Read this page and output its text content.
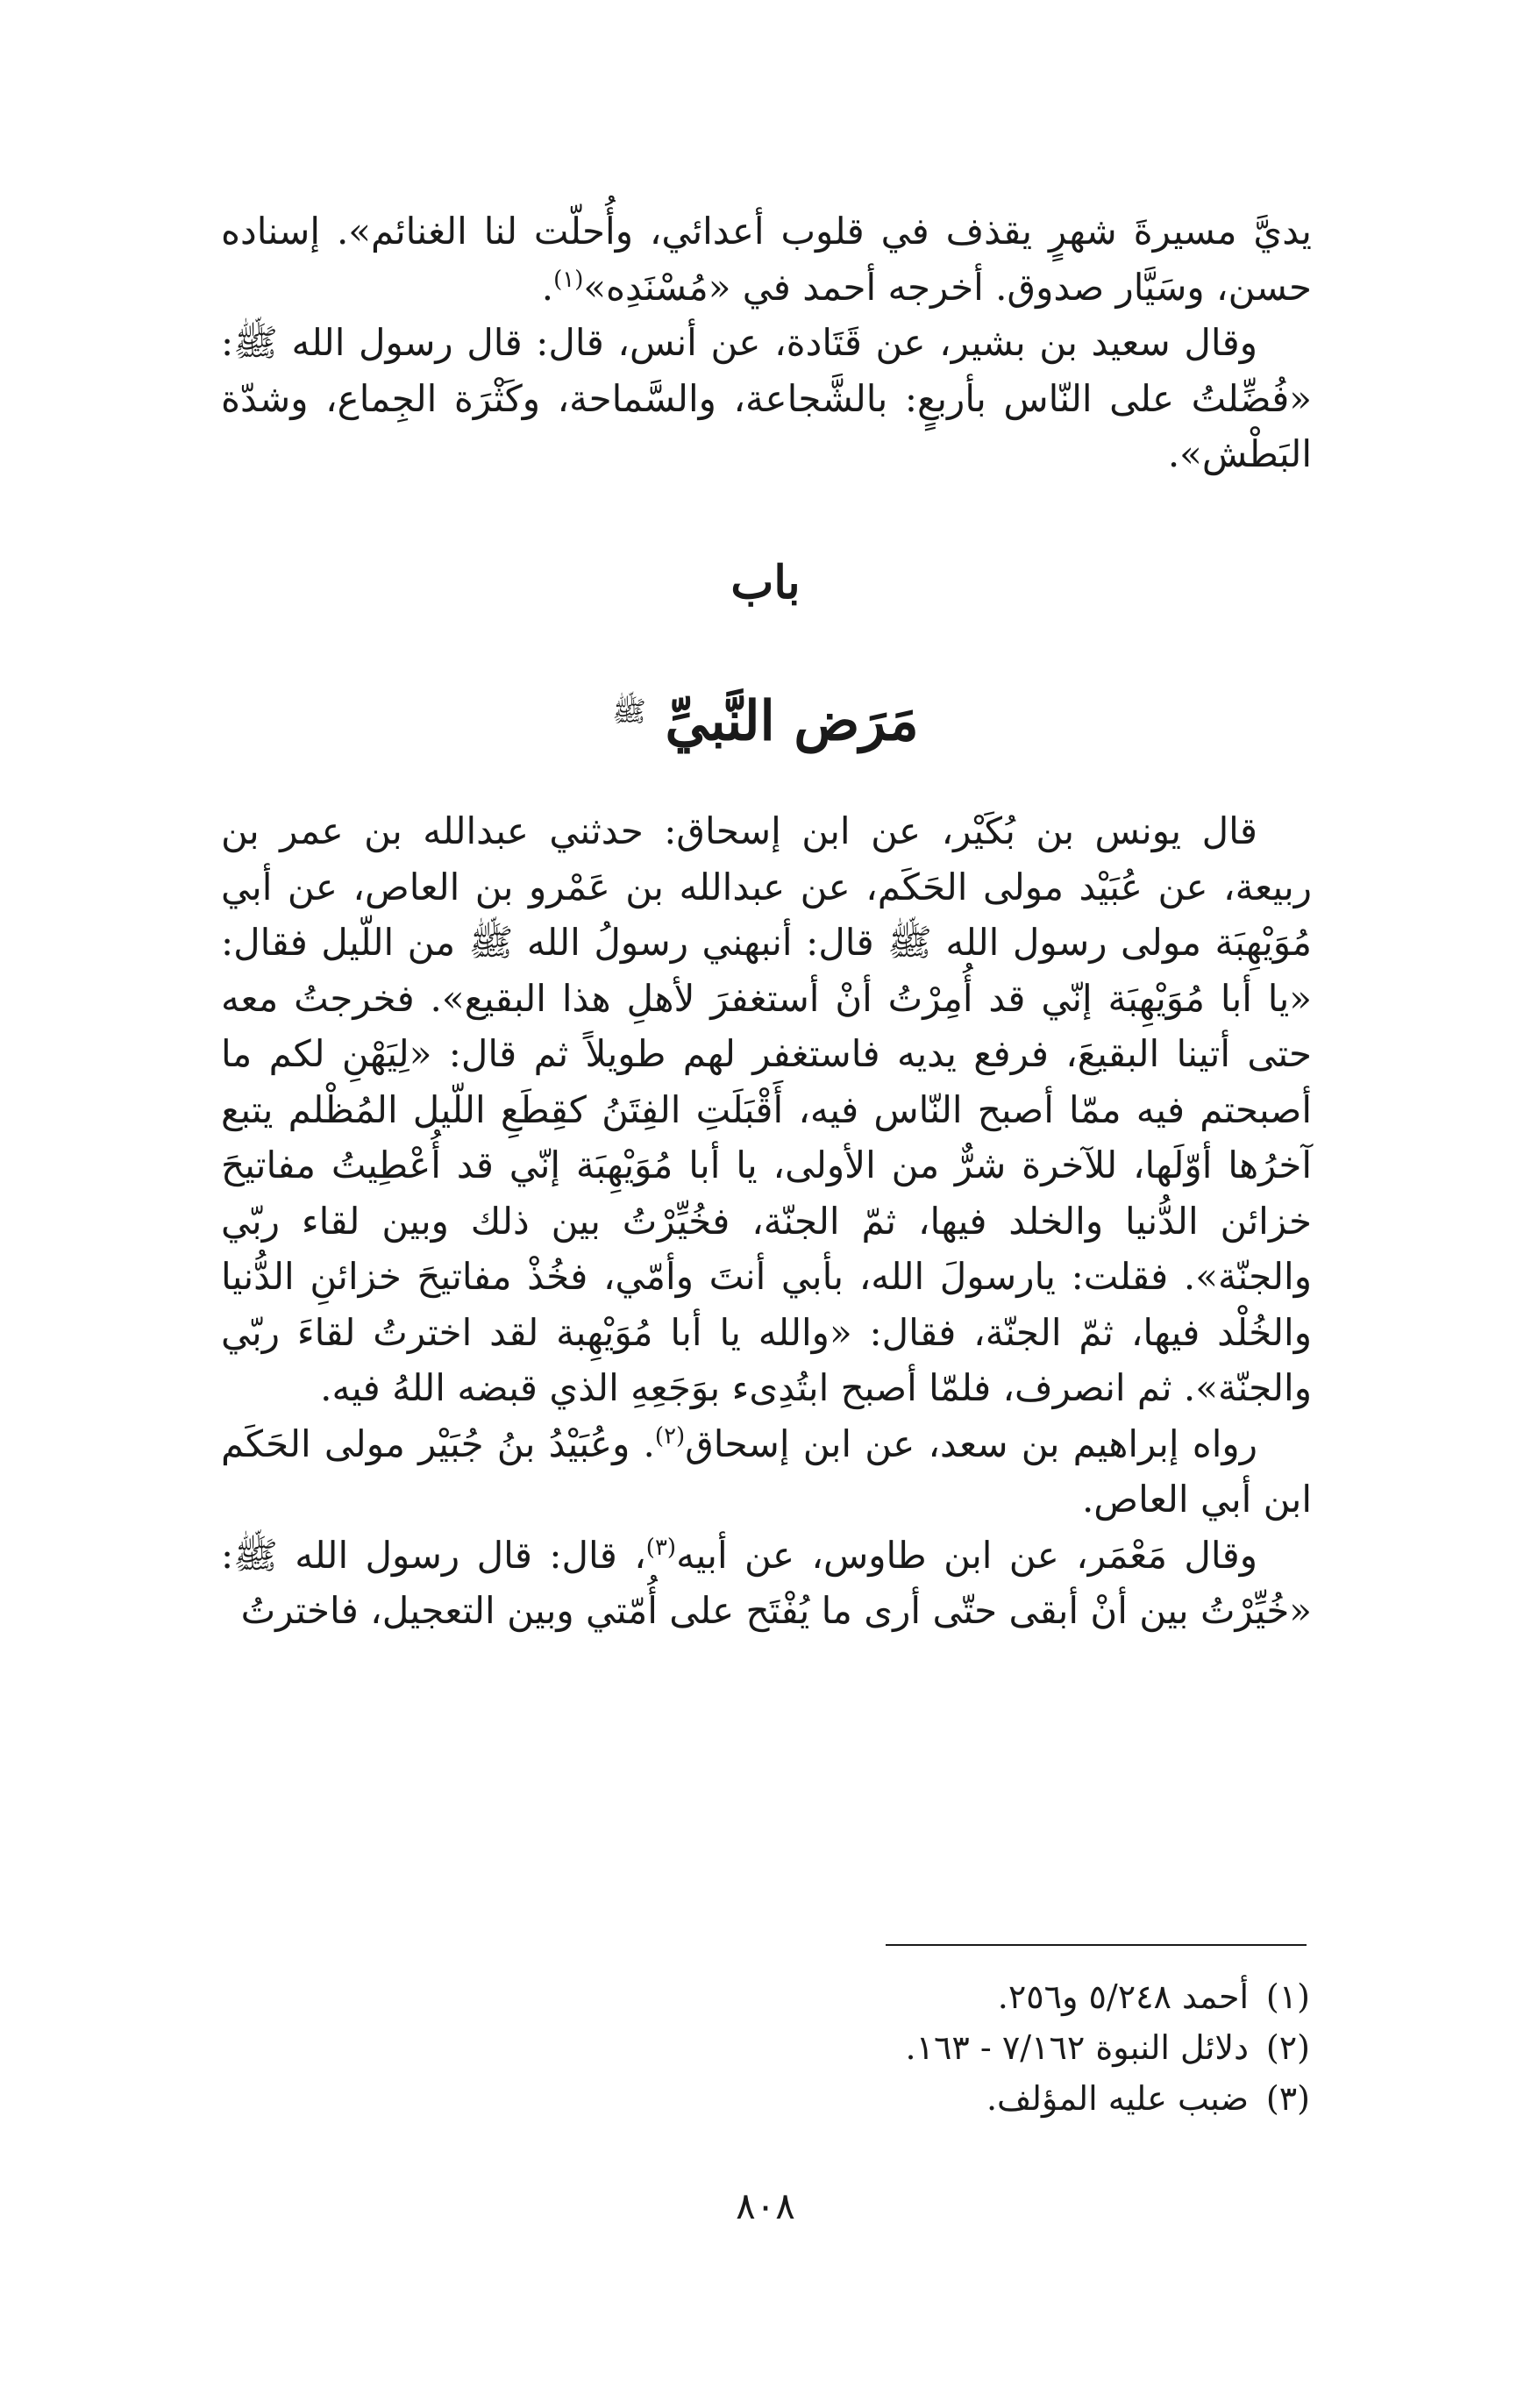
يديَّ مسيرةَ شهرٍ يقذف في قلوب أعدائي، وأُحلّت لنا الغنائم». إسناده حسن، وسَيَّار صدوق. أخرجه أحمد في «مُسْنَدِه»$^{(١)}$.

وقال سعيد بن بشير، عن قَتَادة، عن أنس، قال: قال رسول الله ﷺ: «فُضِّلتُ على النّاس بأربعٍ: بالشَّجاعة، والسَّماحة، وكَثْرَة الجِماع، وشدّة البَطْش».

باب
مَرَض النَّبيِّ $^ﷺ$

قال يونس بن بُكَيْر، عن ابن إسحاق: حدثني عبدالله بن عمر بن ربيعة، عن عُبَيْد مولى الحَكَم، عن عبدالله بن عَمْرو بن العاص، عن أبي مُوَيْهِبَة مولى رسول الله ﷺ قال: أنبهني رسولُ الله ﷺ من اللّيل فقال: «يا أبا مُوَيْهِبَة إنّي قد أُمِرْتُ أنْ أستغفرَ لأهلِ هذا البقيع». فخرجتُ معه حتى أتينا البقيعَ، فرفع يديه فاستغفر لهم طويلاً ثم قال: «لِيَهْنِ لكم ما أصبحتم فيه ممّا أصبح النّاس فيه، أَقْبَلَتِ الفِتَنُ كقِطَعِ اللّيل المُظْلم يتبع آخرُها أوّلَها، للآخرة شرٌّ من الأولى، يا أبا مُوَيْهِبَة إنّي قد أُعْطِيتُ مفاتيحَ خزائن الدُّنيا والخلد فيها، ثمّ الجنّة، فخُيِّرْتُ بين ذلك وبين لقاء ربّي والجنّة». فقلت: يارسولَ الله، بأبي أنتَ وأمّي، فخُذْ مفاتيحَ خزائنِ الدُّنيا والخُلْد فيها، ثمّ الجنّة، فقال: «والله يا أبا مُوَيْهِبة لقد اخترتُ لقاءَ ربّي والجنّة». ثم انصرف، فلمّا أصبح ابتُدِىء بوَجَعِهِ الذي قبضه اللهُ فيه.

رواه إبراهيم بن سعد، عن ابن إسحاق$^{(٢)}$. وعُبَيْدُ بنُ جُبَيْر مولى الحَكَم ابن أبي العاص.

وقال مَعْمَر، عن ابن طاوس، عن أبيه$^{(٣)}$، قال: قال رسول الله ﷺ: «خُيِّرْتُ بين أنْ أبقى حتّى أرى ما يُفْتَح على أُمّتي وبين التعجيل، فاخترتُ

(١)أحمد ٥/٢٤٨ و٢٥٦.

(٢)دلائل النبوة ٧/١٦٢ - ١٦٣.

(٣)ضبب عليه المؤلف.

٨٠٨
